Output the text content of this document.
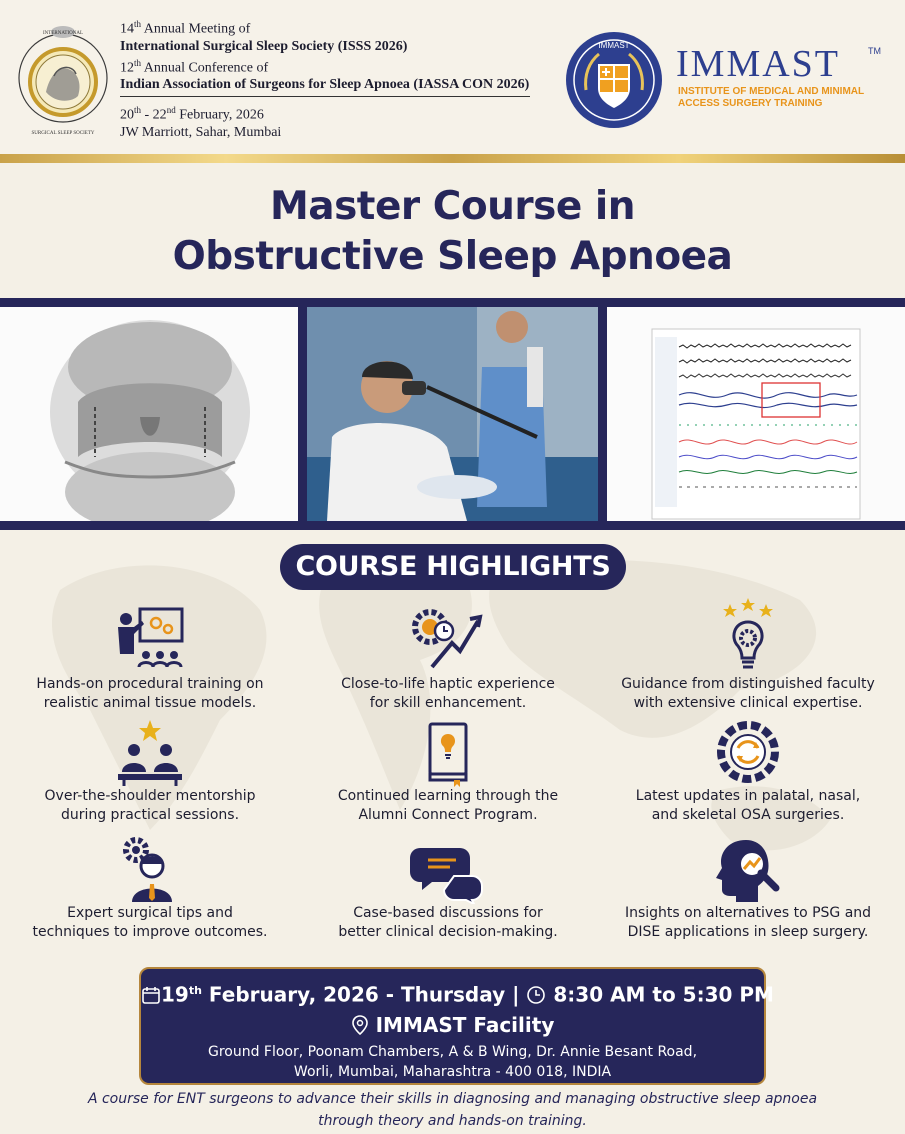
INTERNATIONAL
SURGICAL SLEEP SOCIETY
14th Annual Meeting of
International Surgical Sleep Society (ISSS 2026)
12th Annual Conference of
Indian Association of Surgeons for Sleep Apnoea (IASSA CON 2026)
20th - 22nd February, 2026
JW Marriott, Sahar, Mumbai
IMMAST IMMAST	TM
INSTITUTE OF MEDICAL AND MINIMAL
ACCESS SURGERY TRAINING
Master Course in
Obstructive Sleep Apnoea
COURSE HIGHLIGHTS
Hands-on procedural training on
realistic animal tissue models.
Close-to-life haptic experience
for skill enhancement.
Guidance from distinguished faculty
with extensive clinical expertise.
Over-the-shoulder mentorship
during practical sessions.
Continued learning through the
Alumni Connect Program.
Latest updates in palatal, nasal,
and skeletal OSA surgeries.
Expert surgical tips and
techniques to improve outcomes.
Case-based discussions for
better clinical decision-making.
Insights on alternatives to PSG and
DISE applications in sleep surgery.
19th February, 2026 - Thursday |  8:30 AM to 5:30 PM
IMMAST Facility
Ground Floor, Poonam Chambers, A & B Wing, Dr. Annie Besant Road,
Worli, Mumbai, Maharashtra - 400 018, INDIA
A course for ENT surgeons to advance their skills in diagnosing and managing obstructive sleep apnoea
through theory and hands-on training.
